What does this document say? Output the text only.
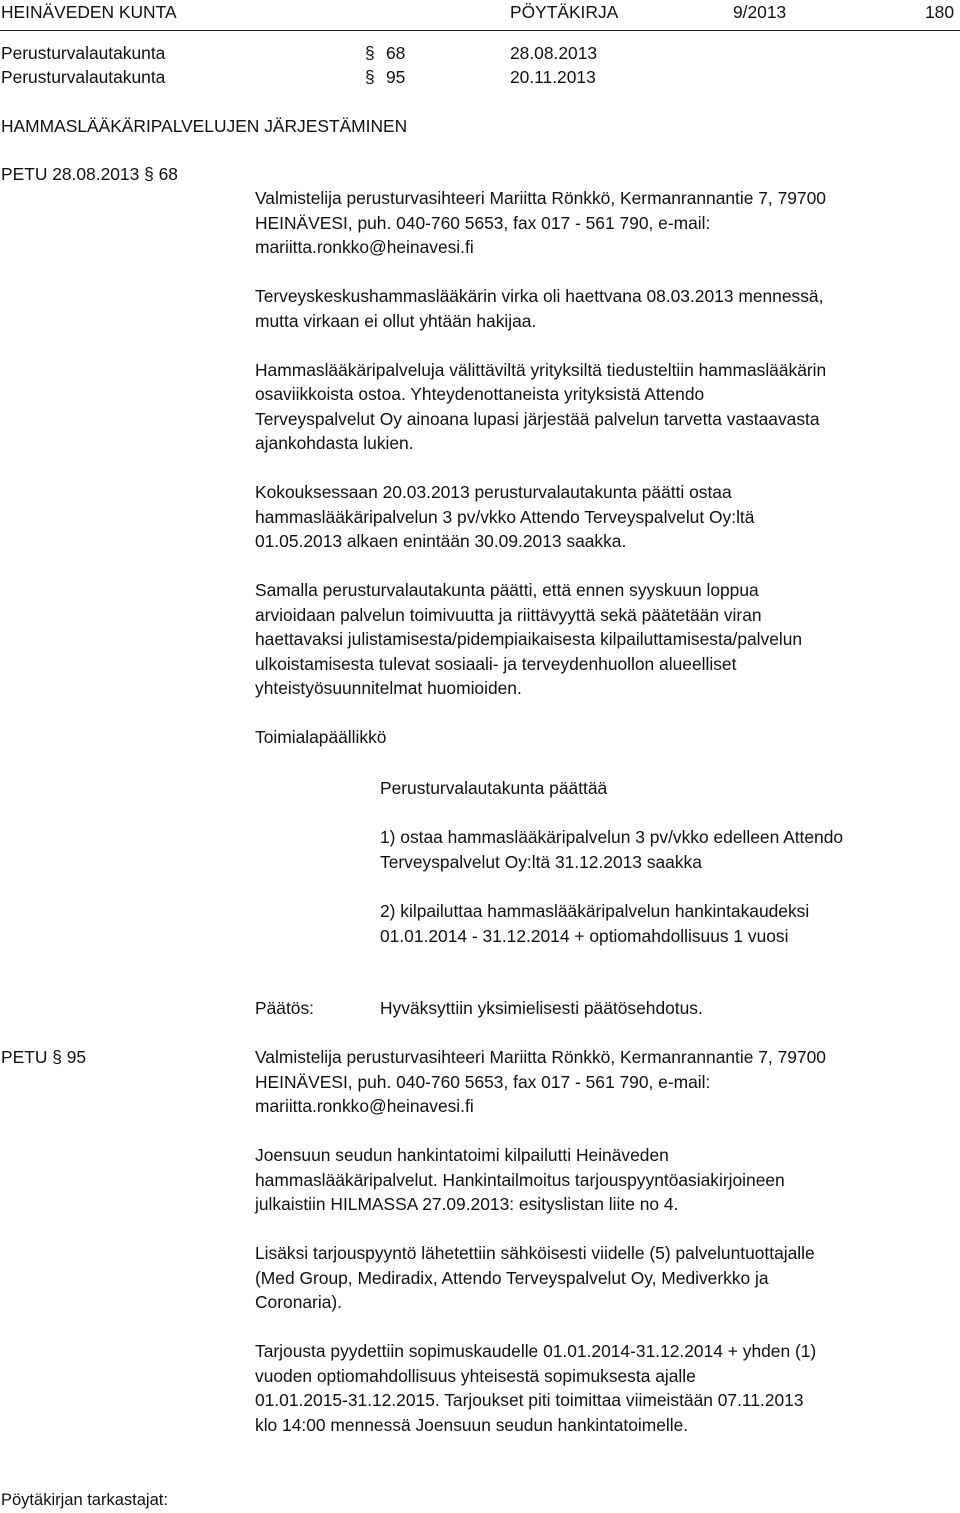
HEINÄVEDEN KUNTA	PÖYTÄKIRJA	9/2013	180
Perusturvalautakunta	§ 68	28.08.2013
Perusturvalautakunta	§ 95	20.11.2013
HAMMASLÄÄKÄRIPALVELUJEN JÄRJESTÄMINEN
PETU 28.08.2013 § 68

Valmistelija perusturvasihteeri Mariitta Rönkkö, Kermanrannantie 7, 79700
HEINÄVESI, puh. 040-760 5653, fax 017 - 561 790, e-mail:
mariitta.ronkko@heinavesi.fi

Terveyskeskushammaslääkärin virka oli haettvana 08.03.2013 mennessä,
mutta virkaan ei ollut yhtään hakijaa.

Hammaslääkäripalveluja välittäviltä yrityksiltä tiedusteltiin hammaslääkärin
osaviikkoista ostoa. Yhteydenottaneista yrityksistä Attendo
Terveyspalvelut Oy ainoana lupasi järjestää palvelun tarvetta vastaavasta
ajankohdasta lukien.

Kokouksessaan 20.03.2013 perusturvalautakunta päätti ostaa
hammaslääkäripalvelun 3 pv/vkko Attendo Terveyspalvelut Oy:ltä
01.05.2013 alkaen enintään 30.09.2013 saakka.

Samalla perusturvalautakunta päätti, että ennen syyskuun loppua
arvioidaan palvelun toimivuutta ja riittävyyttä sekä päätetään viran
haettavaksi julistamisesta/pidempiaikaisesta kilpailuttamisesta/palvelun
ulkoistamisesta tulevat sosiaali- ja terveydenhuollon alueelliset
yhteistyösuunnitelmat huomioiden.

Toimialapäällikkö

Perusturvalautakunta päättää
1) ostaa hammaslääkäripalvelun 3 pv/vkko edelleen Attendo
Terveyspalvelut Oy:ltä 31.12.2013 saakka
2) kilpailuttaa hammaslääkäripalvelun hankintakaudeksi
01.01.2014 - 31.12.2014 + optiomahdollisuus 1 vuosi
Päätös:	Hyväksyttiin yksimielisesti päätösehdotus.
PETU § 95	Valmistelija perusturvasihteeri Mariitta Rönkkö, Kermanrannantie 7, 79700
HEINÄVESI, puh. 040-760 5653, fax 017 - 561 790, e-mail:
mariitta.ronkko@heinavesi.fi

Joensuun seudun hankintatoimi kilpailutti Heinäveden
hammaslääkäripalvelut. Hankintailmoitus tarjouspyyntöasiakirjoineen
julkaistiin HILMASSA 27.09.2013: esityslistan liite no 4.

Lisäksi tarjouspyyntö lähetettiin sähköisesti viidelle (5) palveluntuottajalle
(Med Group, Mediradix, Attendo Terveyspalvelut Oy, Mediverkko ja
Coronaria).

Tarjousta pyydettiin sopimuskaudelle 01.01.2014-31.12.2014 + yhden (1)
vuoden optiomahdollisuus yhteisestä sopimuksesta ajalle
01.01.2015-31.12.2015. Tarjoukset piti toimittaa viimeistään 07.11.2013
klo 14:00 mennessä Joensuun seudun hankintatoimelle.

Pöytäkirjan tarkastajat:
